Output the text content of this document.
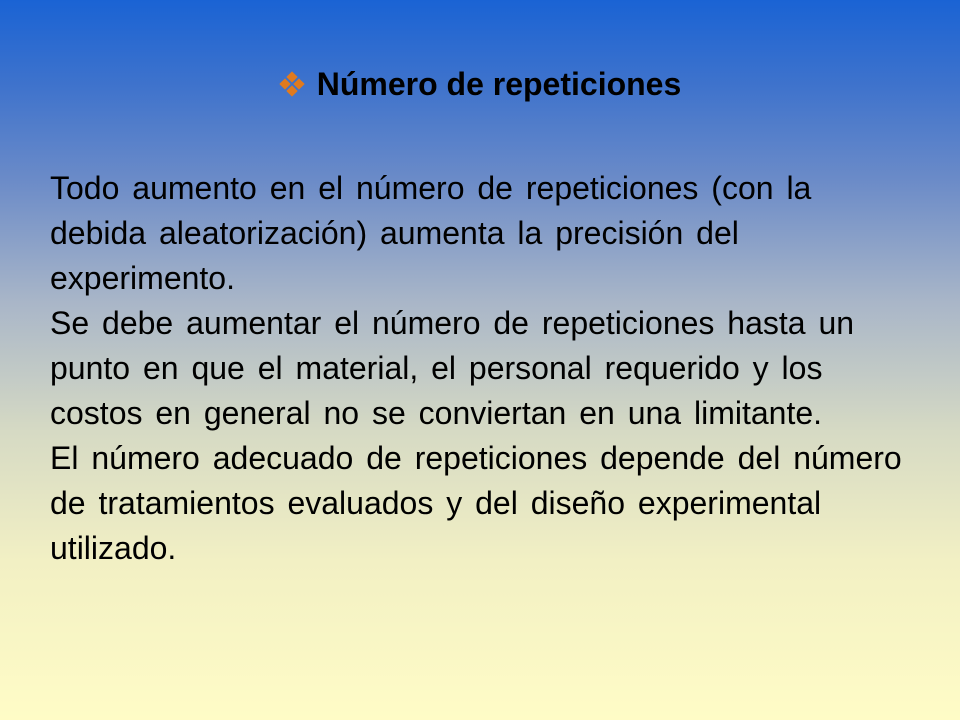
Número de repeticiones

Todo aumento en el número de repeticiones (con la debida aleatorización) aumenta la precisión del experimento.

Se debe aumentar el número de repeticiones hasta un punto en que el material, el personal requerido y los costos en general no se conviertan en una limitante.

El número adecuado de repeticiones depende del número de tratamientos evaluados y del diseño experimental utilizado.
